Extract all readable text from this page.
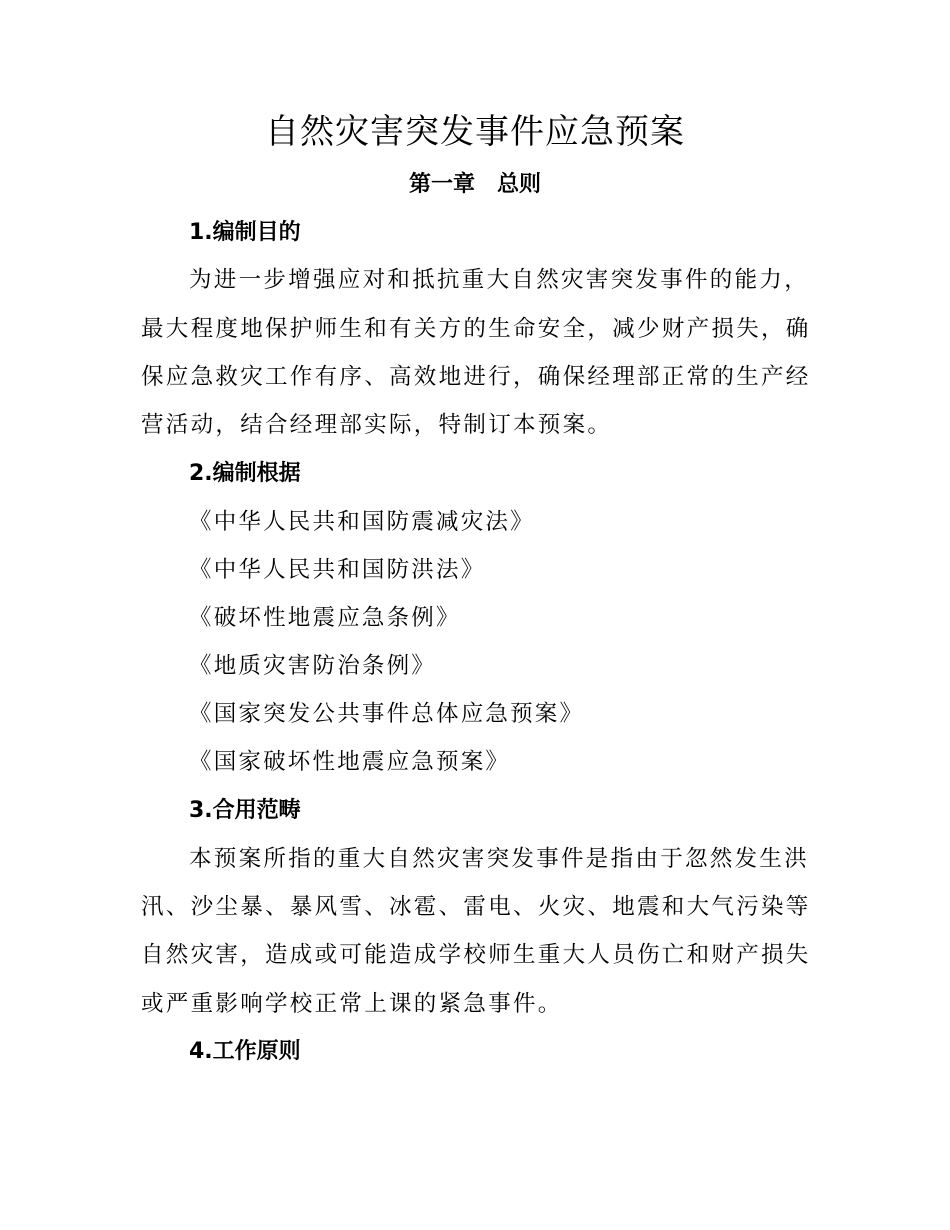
自然灾害突发事件应急预案
第一章　总则
1.编制目的
为进一步增强应对和抵抗重大自然灾害突发事件的能力，
最大程度地保护师生和有关方的生命安全，减少财产损失，确
保应急救灾工作有序、高效地进行，确保经理部正常的生产经
营活动，结合经理部实际，特制订本预案。
2.编制根据
《中华人民共和国防震减灾法》
《中华人民共和国防洪法》
《破坏性地震应急条例》
《地质灾害防治条例》
《国家突发公共事件总体应急预案》
《国家破坏性地震应急预案》
3.合用范畴
本预案所指的重大自然灾害突发事件是指由于忽然发生洪
汛、沙尘暴、暴风雪、冰雹、雷电、火灾、地震和大气污染等
自然灾害，造成或可能造成学校师生重大人员伤亡和财产损失
或严重影响学校正常上课的紧急事件。
4.工作原则
